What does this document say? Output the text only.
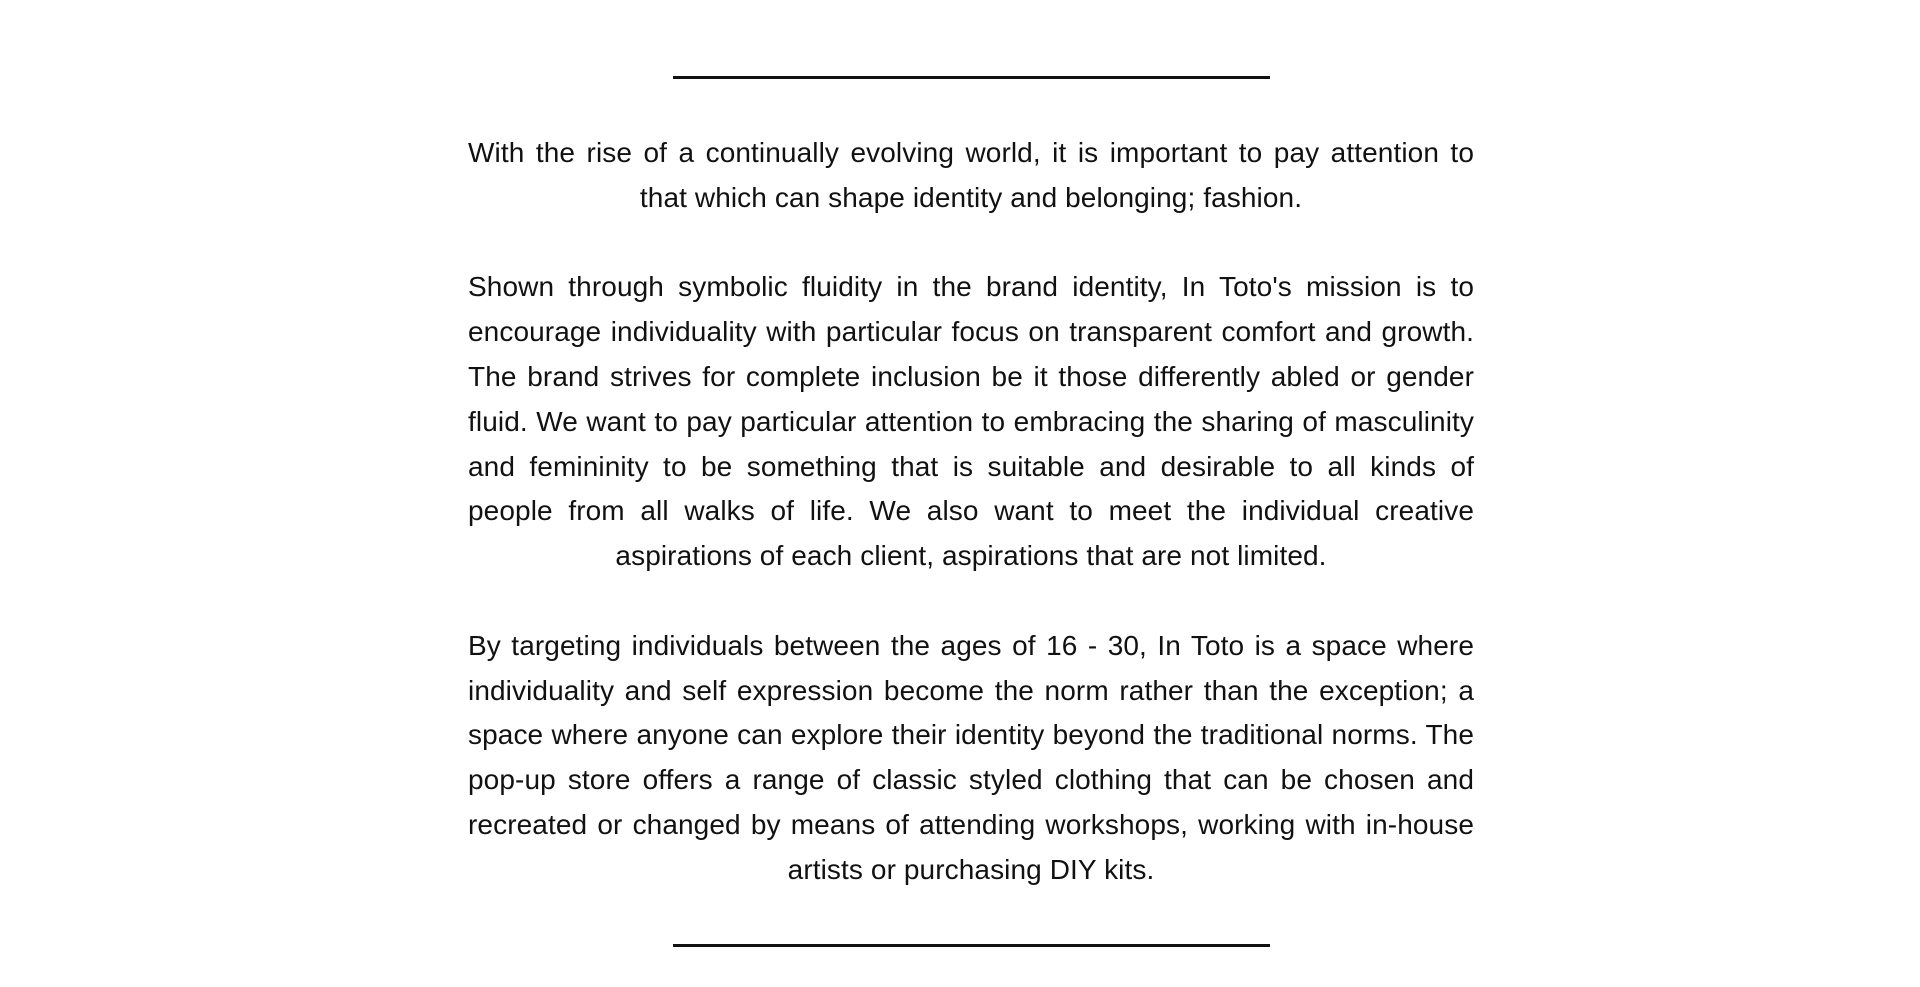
With the rise of a continually evolving world, it is important to pay attention to that which can shape identity and belonging; fashion.

Shown through symbolic fluidity in the brand identity, In Toto's mission is to encourage individuality with particular focus on transparent comfort and growth. The brand strives for complete inclusion be it those differently abled or gender fluid. We want to pay particular attention to embracing the sharing of masculinity and femininity to be something that is suitable and desirable to all kinds of people from all walks of life. We also want to meet the individual creative aspirations of each client, aspirations that are not limited.

By targeting individuals between the ages of 16 - 30, In Toto is a space where individuality and self expression become the norm rather than the exception; a space where anyone can explore their identity beyond the traditional norms. The pop-up store offers a range of classic styled clothing that can be chosen and recreated or changed by means of attending workshops, working with in-house artists or purchasing DIY kits.
